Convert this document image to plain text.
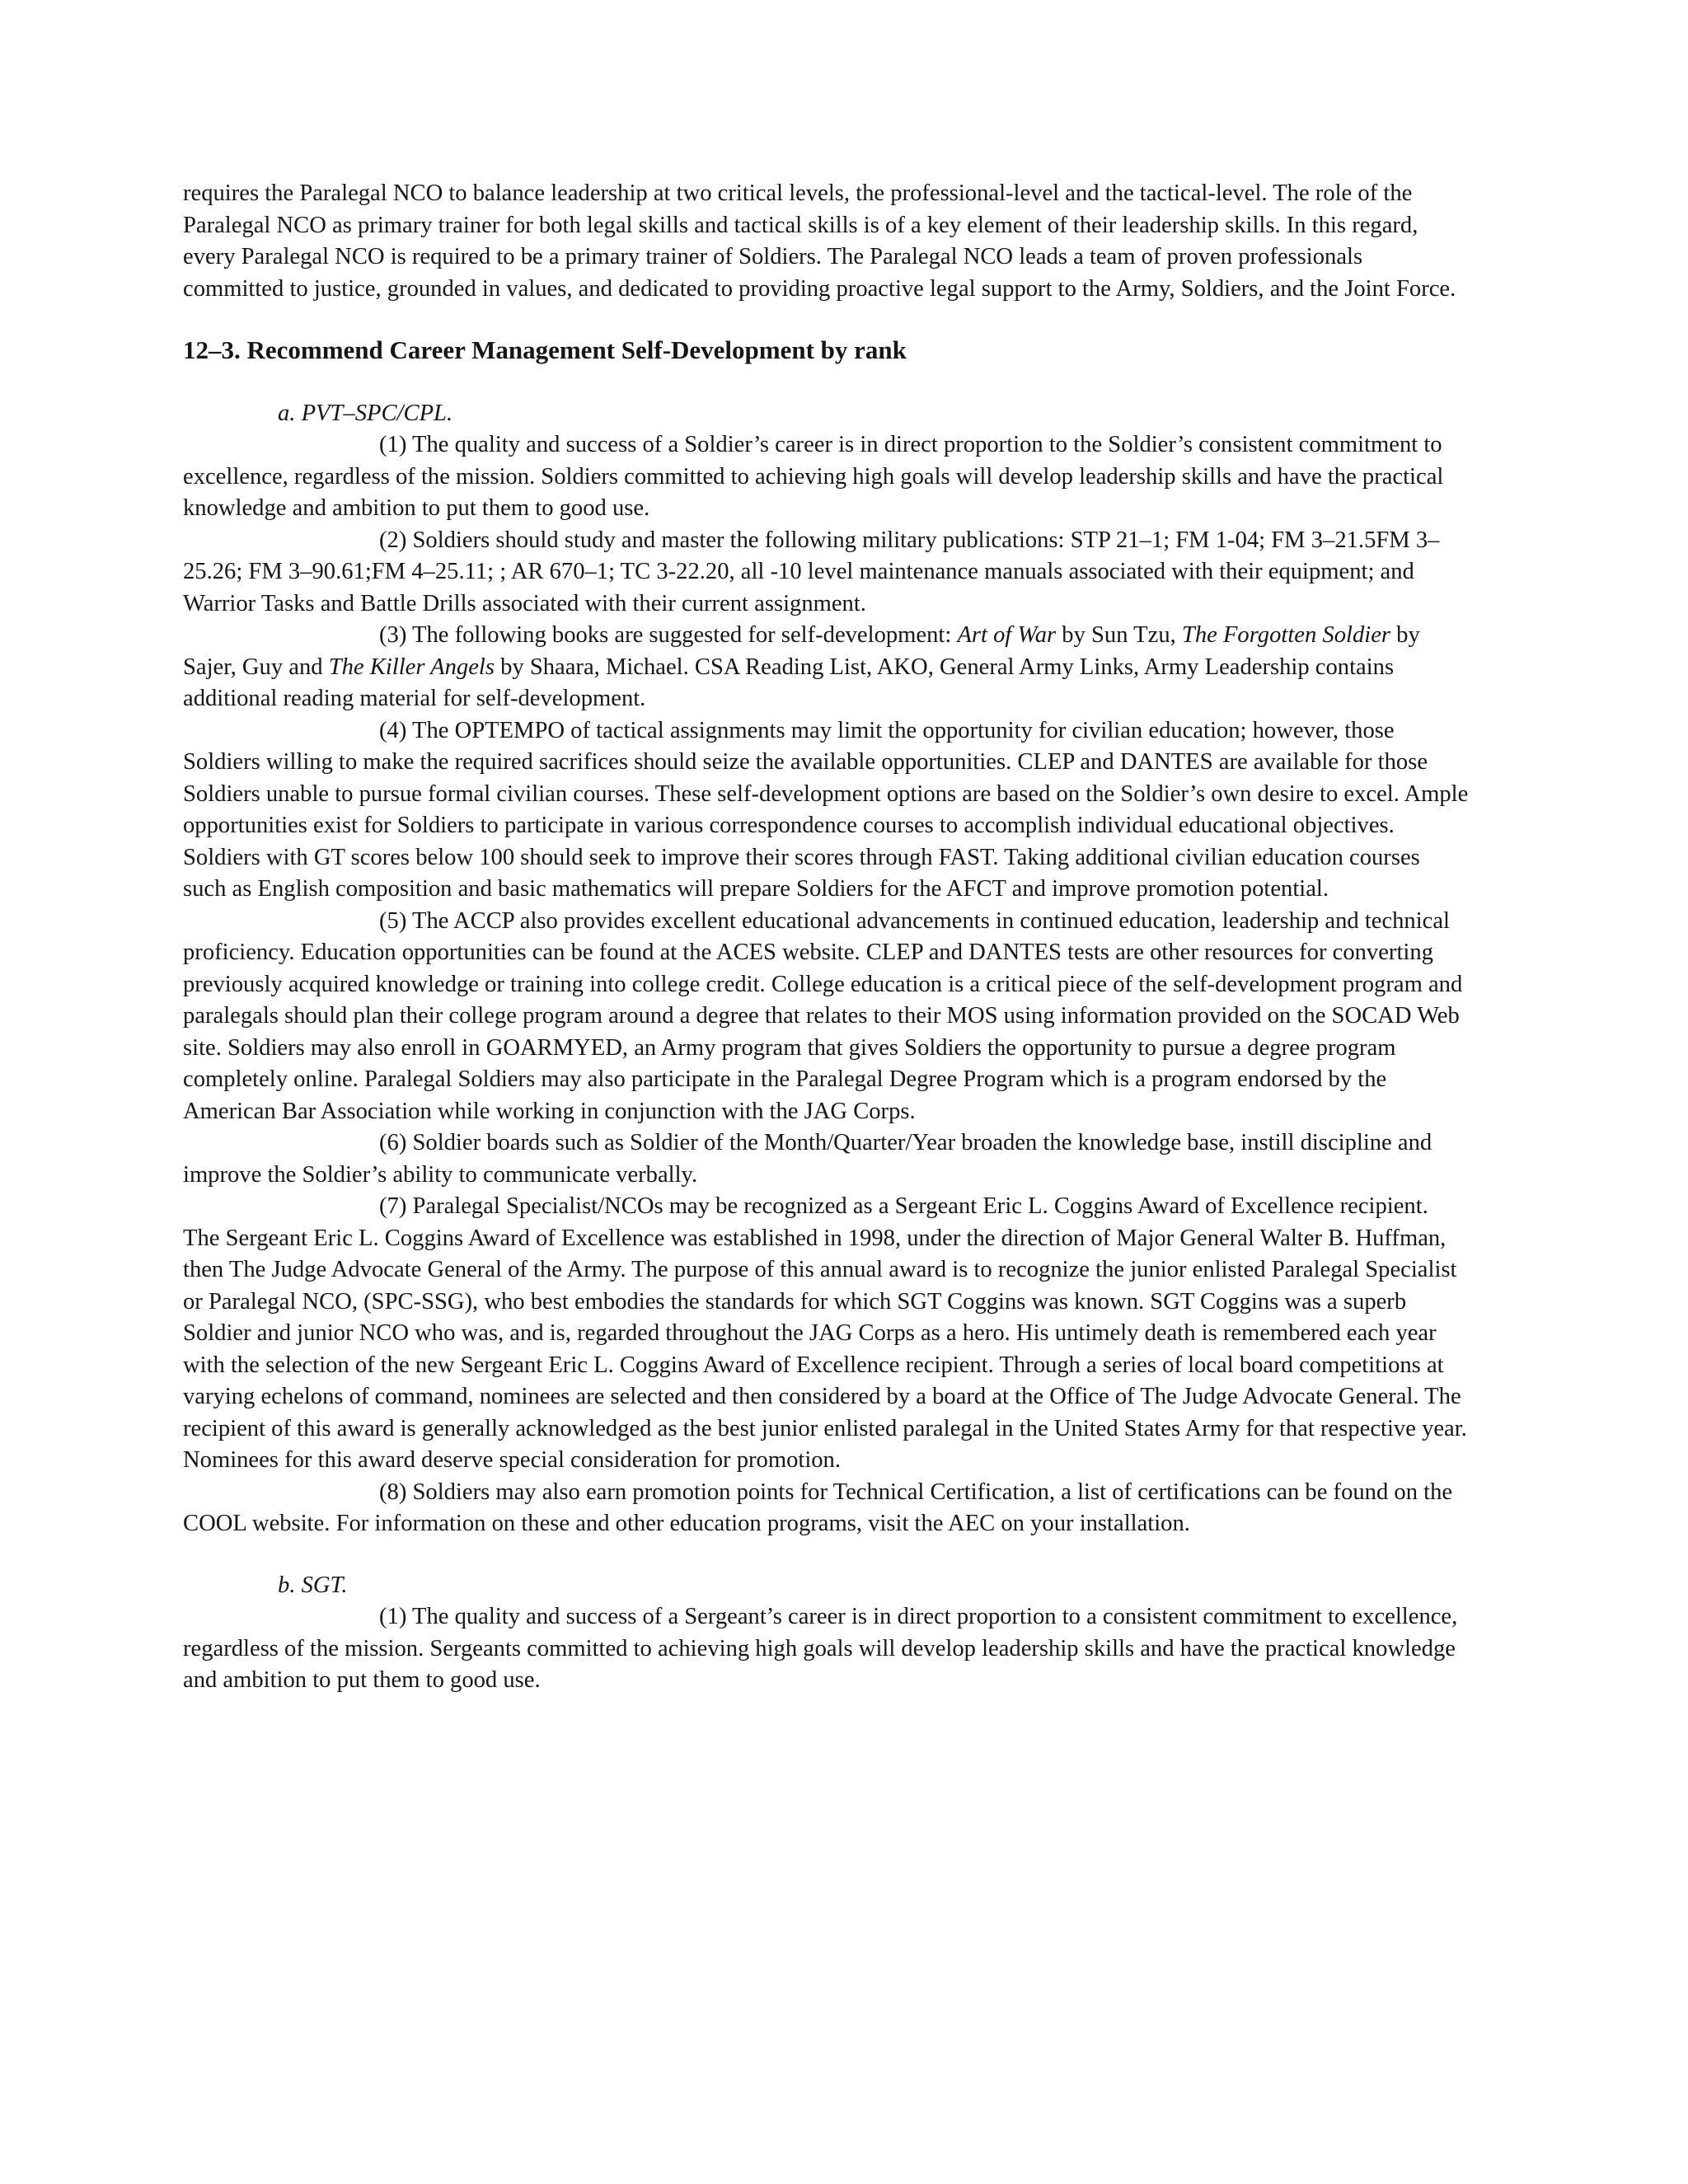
requires the Paralegal NCO to balance leadership at two critical levels, the professional-level and the tactical-level. The role of the Paralegal NCO as primary trainer for both legal skills and tactical skills is of a key element of their leadership skills. In this regard, every Paralegal NCO is required to be a primary trainer of Soldiers. The Paralegal NCO leads a team of proven professionals committed to justice, grounded in values, and dedicated to providing proactive legal support to the Army, Soldiers, and the Joint Force.

12–3. Recommend Career Management Self-Development by rank

a. PVT–SPC/CPL.

(1) The quality and success of a Soldier’s career is in direct proportion to the Soldier’s consistent commitment to excellence, regardless of the mission. Soldiers committed to achieving high goals will develop leadership skills and have the practical knowledge and ambition to put them to good use.

(2) Soldiers should study and master the following military publications: STP 21–1; FM 1-04; FM 3–21.5FM 3–25.26; FM 3–90.61;FM 4–25.11; ; AR 670–1; TC 3-22.20, all -10 level maintenance manuals associated with their equipment; and Warrior Tasks and Battle Drills associated with their current assignment.

(3) The following books are suggested for self-development: Art of War by Sun Tzu, The Forgotten Soldier by Sajer, Guy and The Killer Angels by Shaara, Michael. CSA Reading List, AKO, General Army Links, Army Leadership contains additional reading material for self-development.

(4) The OPTEMPO of tactical assignments may limit the opportunity for civilian education; however, those Soldiers willing to make the required sacrifices should seize the available opportunities. CLEP and DANTES are available for those Soldiers unable to pursue formal civilian courses. These self-development options are based on the Soldier’s own desire to excel. Ample opportunities exist for Soldiers to participate in various correspondence courses to accomplish individual educational objectives. Soldiers with GT scores below 100 should seek to improve their scores through FAST. Taking additional civilian education courses such as English composition and basic mathematics will prepare Soldiers for the AFCT and improve promotion potential.

(5) The ACCP also provides excellent educational advancements in continued education, leadership and technical proficiency. Education opportunities can be found at the ACES website. CLEP and DANTES tests are other resources for converting previously acquired knowledge or training into college credit. College education is a critical piece of the self-development program and paralegals should plan their college program around a degree that relates to their MOS using information provided on the SOCAD Web site. Soldiers may also enroll in GOARMYED, an Army program that gives Soldiers the opportunity to pursue a degree program completely online. Paralegal Soldiers may also participate in the Paralegal Degree Program which is a program endorsed by the American Bar Association while working in conjunction with the JAG Corps.

(6) Soldier boards such as Soldier of the Month/Quarter/Year broaden the knowledge base, instill discipline and improve the Soldier’s ability to communicate verbally.

(7) Paralegal Specialist/NCOs may be recognized as a Sergeant Eric L. Coggins Award of Excellence recipient. The Sergeant Eric L. Coggins Award of Excellence was established in 1998, under the direction of Major General Walter B. Huffman, then The Judge Advocate General of the Army. The purpose of this annual award is to recognize the junior enlisted Paralegal Specialist or Paralegal NCO, (SPC-SSG), who best embodies the standards for which SGT Coggins was known. SGT Coggins was a superb Soldier and junior NCO who was, and is, regarded throughout the JAG Corps as a hero. His untimely death is remembered each year with the selection of the new Sergeant Eric L. Coggins Award of Excellence recipient. Through a series of local board competitions at varying echelons of command, nominees are selected and then considered by a board at the Office of The Judge Advocate General. The recipient of this award is generally acknowledged as the best junior enlisted paralegal in the United States Army for that respective year. Nominees for this award deserve special consideration for promotion.

(8) Soldiers may also earn promotion points for Technical Certification, a list of certifications can be found on the COOL website. For information on these and other education programs, visit the AEC on your installation.

b. SGT.

(1) The quality and success of a Sergeant’s career is in direct proportion to a consistent commitment to excellence, regardless of the mission. Sergeants committed to achieving high goals will develop leadership skills and have the practical knowledge and ambition to put them to good use.
